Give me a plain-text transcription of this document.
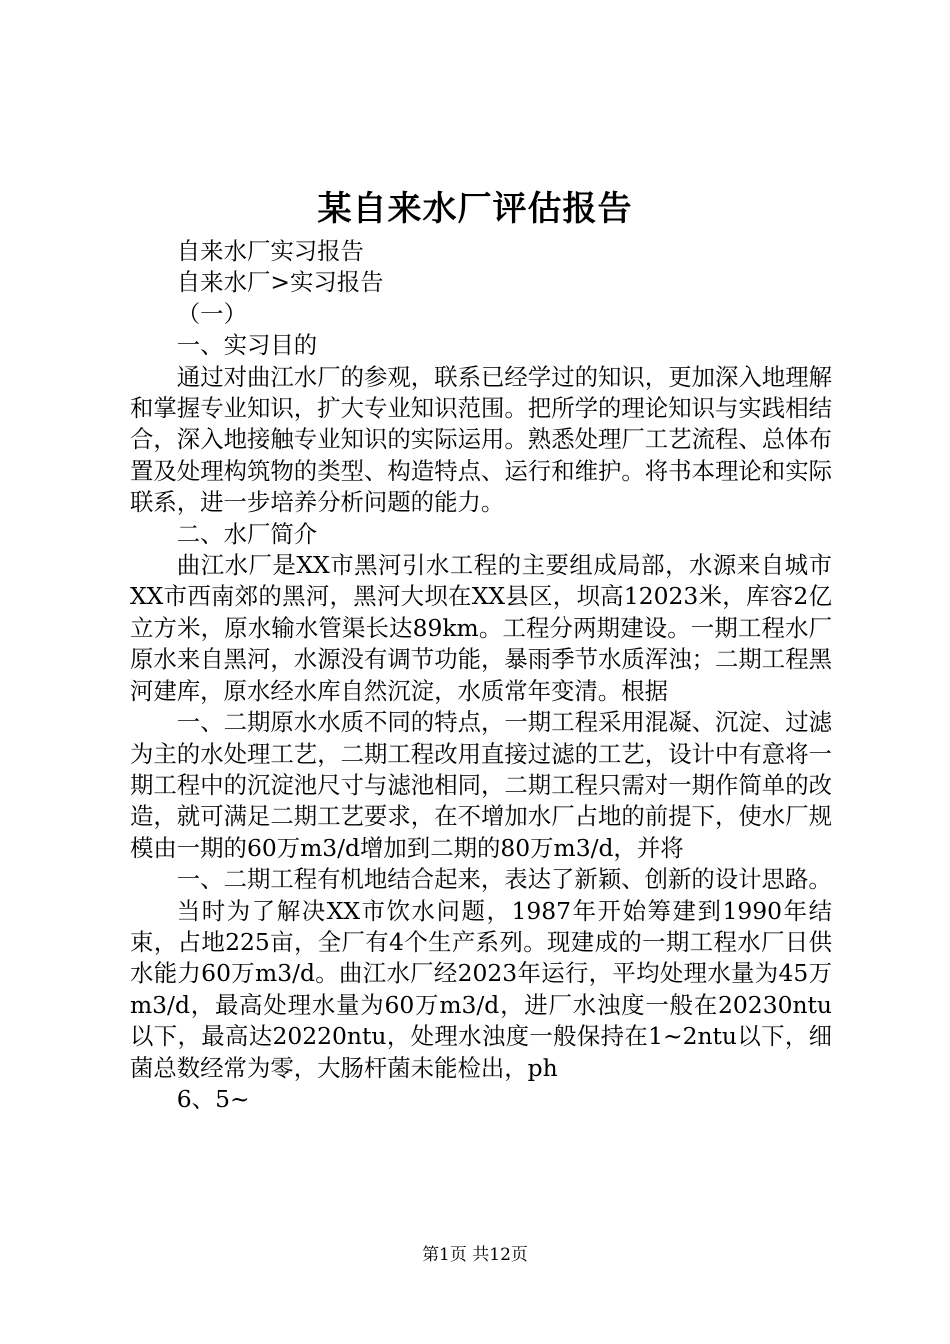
某自来水厂评估报告

自来水厂实习报告

自来水厂>实习报告

（一）

一、实习目的

通过对曲江水厂的参观，联系已经学过的知识，更加深入地理解和掌握专业知识，扩大专业知识范围。把所学的理论知识与实践相结合，深入地接触专业知识的实际运用。熟悉处理厂工艺流程、总体布置及处理构筑物的类型、构造特点、运行和维护。将书本理论和实际联系，进一步培养分析问题的能力。

二、水厂简介

曲江水厂是XX市黑河引水工程的主要组成局部，水源来自城市XX市西南郊的黑河，黑河大坝在XX县区，坝高12023米，库容2亿立方米，原水输水管渠长达89km。工程分两期建设。一期工程水厂原水来自黑河，水源没有调节功能，暴雨季节水质浑浊；二期工程黑河建库，原水经水库自然沉淀，水质常年变清。根据

一、二期原水水质不同的特点，一期工程采用混凝、沉淀、过滤为主的水处理工艺，二期工程改用直接过滤的工艺，设计中有意将一期工程中的沉淀池尺寸与滤池相同，二期工程只需对一期作简单的改造，就可满足二期工艺要求，在不增加水厂占地的前提下，使水厂规模由一期的60万m3/d增加到二期的80万m3/d，并将

一、二期工程有机地结合起来，表达了新颖、创新的设计思路。

当时为了解决XX市饮水问题，1987年开始筹建到1990年结束，占地225亩，全厂有4个生产系列。现建成的一期工程水厂日供水能力60万m3/d。曲江水厂经2023年运行，平均处理水量为45万m3/d，最高处理水量为60万m3/d，进厂水浊度一般在20230ntu以下，最高达20220ntu，处理水浊度一般保持在1~2ntu以下，细菌总数经常为零，大肠杆菌未能检出，ph

6、5~

第1页 共12页
